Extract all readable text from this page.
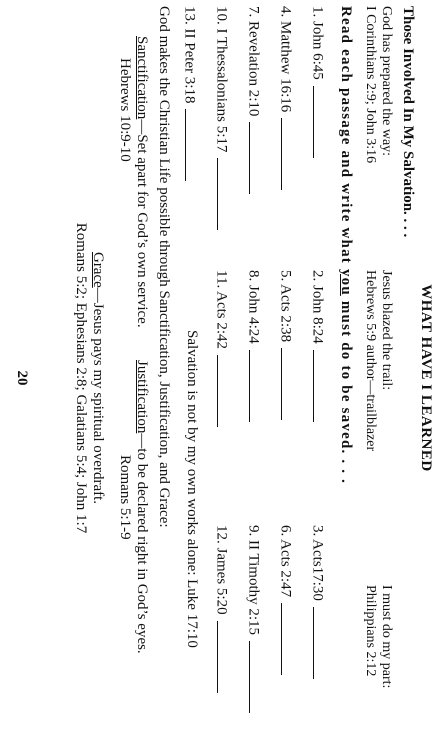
WHAT HAVE I LEARNED
Those Involved In My Salvation. . . .
God has prepared the way:
I Corinthians 2:9; John 3:16
Jesus blazed the trail:
Hebrews 5:9 author—trailblazer
I must do my part:
Philippians 2:12
Read each passage and write what you must do to be saved. . . .
1. John 6:45
2. John 8:24
3. Acts17:30
4. Matthew 16:16
5. Acts 2:38
6. Acts 2:47
7. Revelation 2:10
8. John 4:24
9. II Timothy 2:15
10. I Thessalonians 5:17
11. Acts 2:42
12. James 5:20
13. II Peter 3:18
Salvation is not by my own works alone: Luke 17:10
God makes the Christian Life possible through Sanctification, Justification, and Grace:
Sanctification—Set apart for God’s own service.
Hebrews 10:9-10
Justification—to be declared right in God’s eyes.
Romans 5:1-9
Grace—Jesus pays my spiritual overdraft.
Romans 5:2; Ephesians 2:8; Galatians 5:4; John 1:7
20
